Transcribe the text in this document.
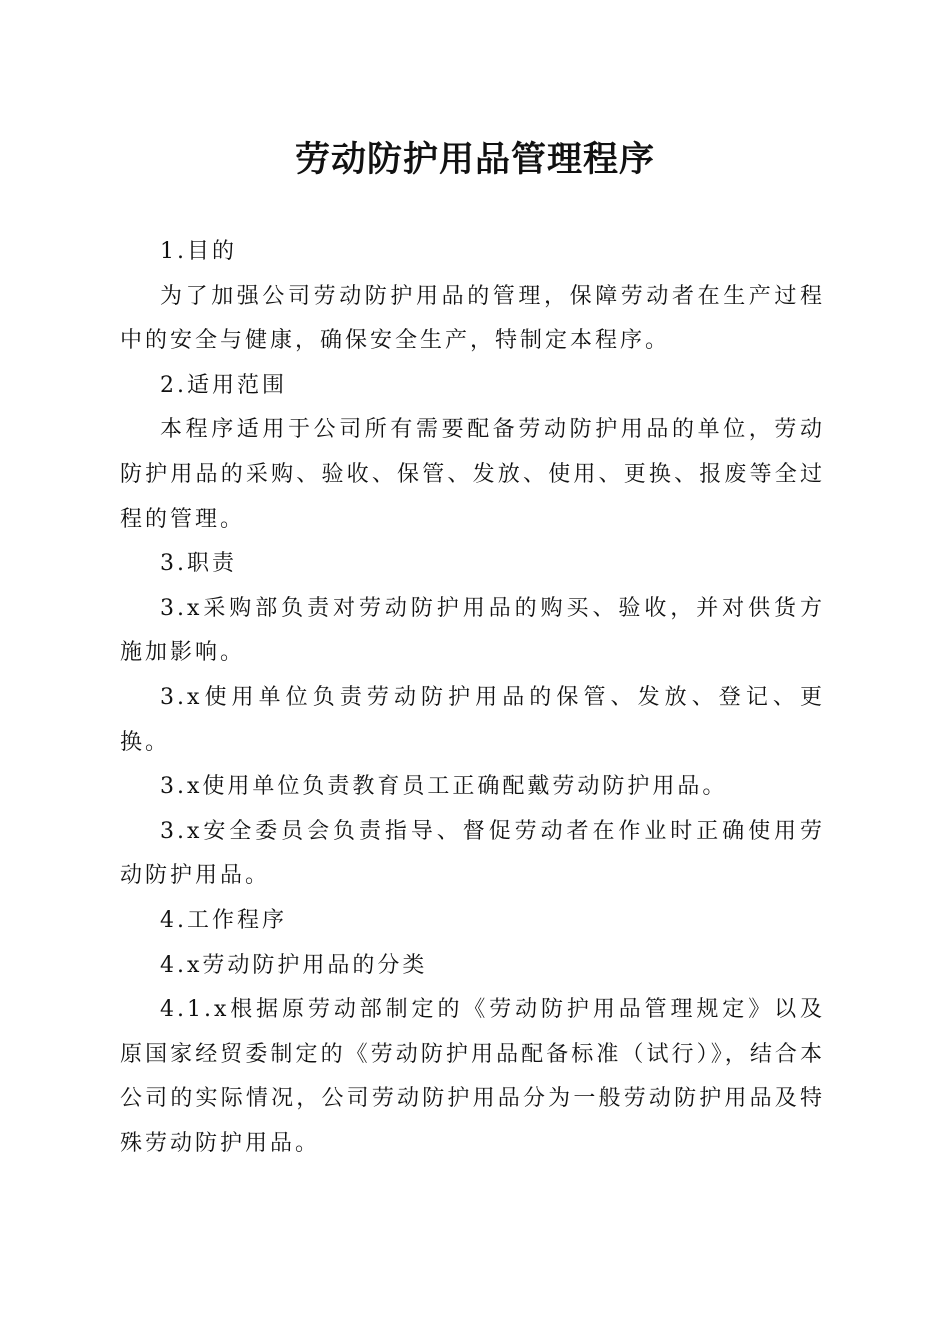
劳动防护用品管理程序

1.目的

为了加强公司劳动防护用品的管理，保障劳动者在生产过程中的安全与健康，确保安全生产，特制定本程序。

2.适用范围

本程序适用于公司所有需要配备劳动防护用品的单位，劳动防护用品的采购、验收、保管、发放、使用、更换、报废等全过程的管理。

3.职责

3.x采购部负责对劳动防护用品的购买、验收，并对供货方施加影响。

3.x使用单位负责劳动防护用品的保管、发放、登记、更换。

3.x使用单位负责教育员工正确配戴劳动防护用品。

3.x安全委员会负责指导、督促劳动者在作业时正确使用劳动防护用品。

4.工作程序

4.x劳动防护用品的分类

4.1.x根据原劳动部制定的《劳动防护用品管理规定》以及原国家经贸委制定的《劳动防护用品配备标准（试行）》，结合本公司的实际情况，公司劳动防护用品分为一般劳动防护用品及特殊劳动防护用品。
